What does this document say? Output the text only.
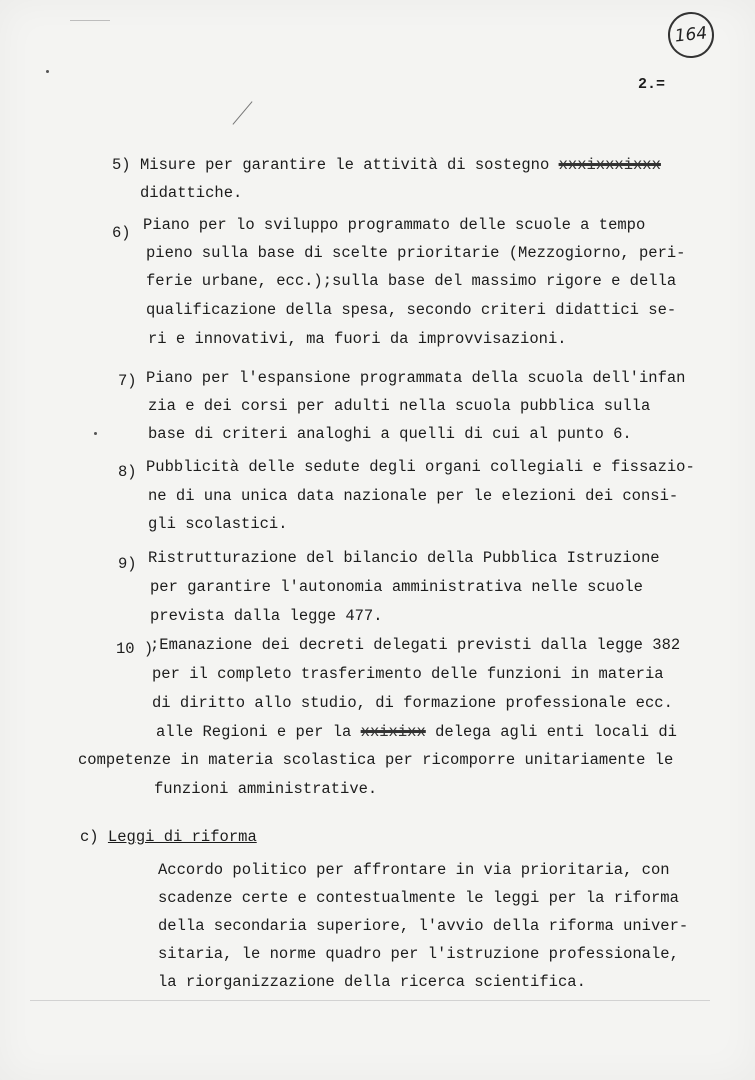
164
2.=
5) Misure per garantire le attività di sostegno xxxixxxixxx
didattiche.
6) Piano per lo sviluppo programmato delle scuole a tempo
pieno sulla base di scelte prioritarie (Mezzogiorno, peri-
ferie urbane, ecc.);sulla base del massimo rigore e della
qualificazione della spesa, secondo criteri didattici se-
ri e innovativi, ma fuori da improvvisazioni.
7) Piano per l'espansione programmata della scuola dell'infan
zia e dei corsi per adulti nella scuola pubblica sulla
base di criteri analoghi a quelli di cui al punto 6.
8) Pubblicità delle sedute degli organi collegiali e fissazio-
ne di una unica data nazionale per le elezioni dei consi-
gli scolastici.
9) Ristrutturazione del bilancio della Pubblica Istruzione
per garantire l'autonomia amministrativa nelle scuole
prevista dalla legge 477.
10 )
;Emanazione dei decreti delegati previsti dalla legge 382
per il completo trasferimento delle funzioni in materia
di diritto allo studio, di formazione professionale ecc.
alle Regioni e per la xxixixx delega agli enti locali di
competenze in materia scolastica per ricomporre unitariamente le
funzioni amministrative.
c) Leggi di riforma
Accordo politico per affrontare in via prioritaria, con
scadenze certe e contestualmente le leggi per la riforma
della secondaria superiore, l'avvio della riforma univer-
sitaria, le norme quadro per l'istruzione professionale,
la riorganizzazione della ricerca scientifica.
